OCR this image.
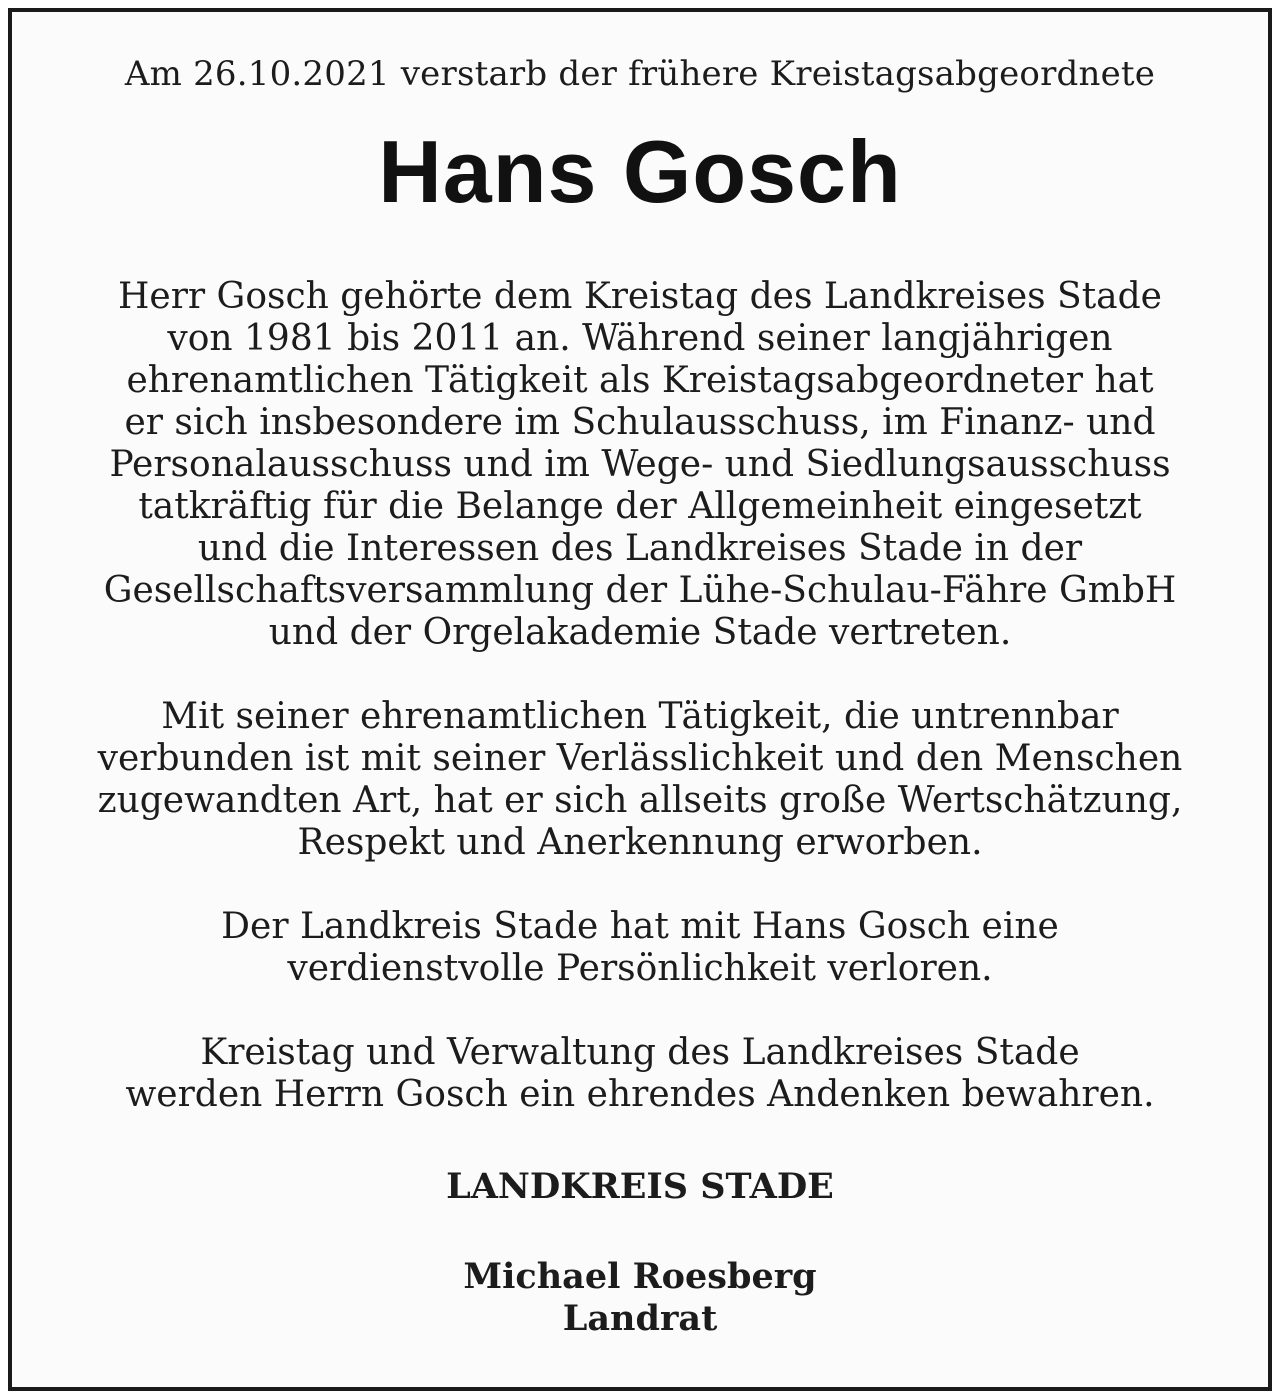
Am 26.10.2021 verstarb der frühere Kreistagsabgeordnete

Hans Gosch

Herr Gosch gehörte dem Kreistag des Landkreises Stade
von 1981 bis 2011 an. Während seiner langjährigen
ehrenamtlichen Tätigkeit als Kreistagsabgeordneter hat
er sich insbesondere im Schulausschuss, im Finanz- und
Personalausschuss und im Wege- und Siedlungsausschuss
tatkräftig für die Belange der Allgemeinheit eingesetzt
und die Interessen des Landkreises Stade in der
Gesellschaftsversammlung der Lühe-Schulau-Fähre GmbH
und der Orgelakademie Stade vertreten.

Mit seiner ehrenamtlichen Tätigkeit, die untrennbar
verbunden ist mit seiner Verlässlichkeit und den Menschen
zugewandten Art, hat er sich allseits große Wertschätzung,
Respekt und Anerkennung erworben.

Der Landkreis Stade hat mit Hans Gosch eine
verdienstvolle Persönlichkeit verloren.

Kreistag und Verwaltung des Landkreises Stade
werden Herrn Gosch ein ehrendes Andenken bewahren.

LANDKREIS STADE

Michael Roesberg

Landrat
